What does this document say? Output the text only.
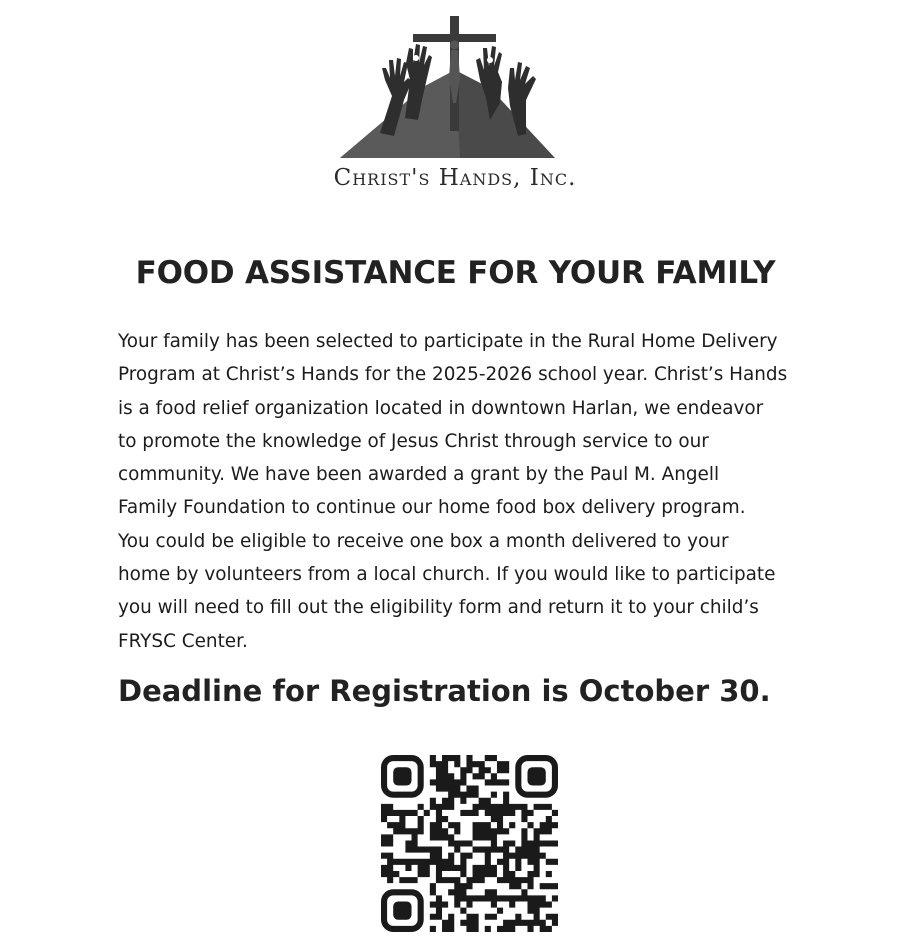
Christ's Hands, Inc.
FOOD ASSISTANCE FOR YOUR FAMILY
Your family has been selected to participate in the Rural Home Delivery
Program at Christ’s Hands for the 2025-2026 school year. Christ’s Hands
is a food relief organization located in downtown Harlan, we endeavor
to promote the knowledge of Jesus Christ through service to our
community. We have been awarded a grant by the Paul M. Angell
Family Foundation to continue our home food box delivery program.
You could be eligible to receive one box a month delivered to your
home by volunteers from a local church. If you would like to participate
you will need to fill out the eligibility form and return it to your child’s
FRYSC Center.
Deadline for Registration is October 30.
